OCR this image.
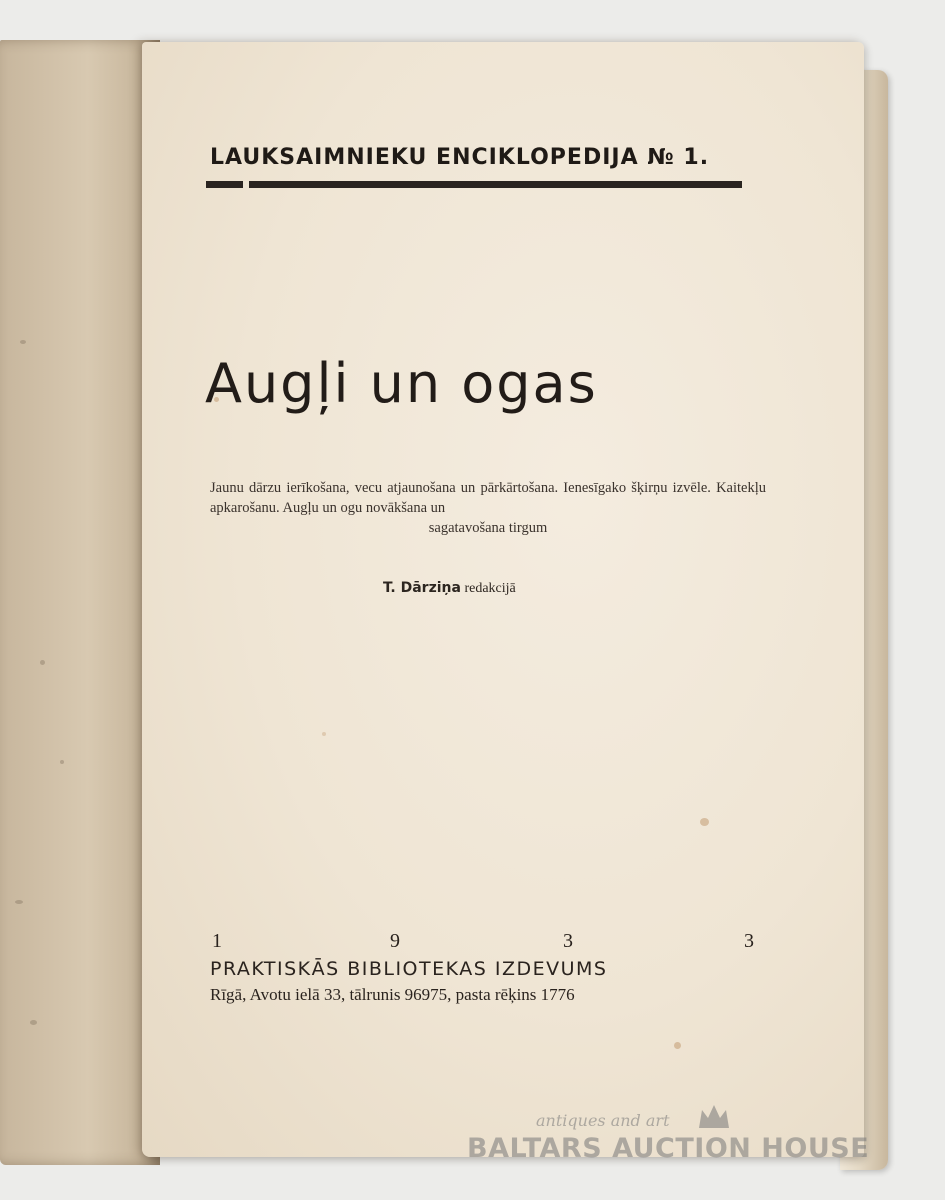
LAUKSAIMNIEKU ENCIKLOPEDIJA № 1.
Augļi un ogas
Jaunu dārzu ierīkošana, vecu atjaunošana un pārkārtošana. Ienesīgako šķirņu izvēle. Kaitekļu apkarošanu. Augļu un ogu novākšana un
sagatavošana tirgum
T. Dārziņa redakcijā
1	9	3	3
PRAKTISKĀS BIBLIOTEKAS IZDEVUMS
Rīgā, Avotu ielā 33, tālrunis 96975, pasta rēķins 1776
antiques and art
BALTARS AUCTION HOUSE
